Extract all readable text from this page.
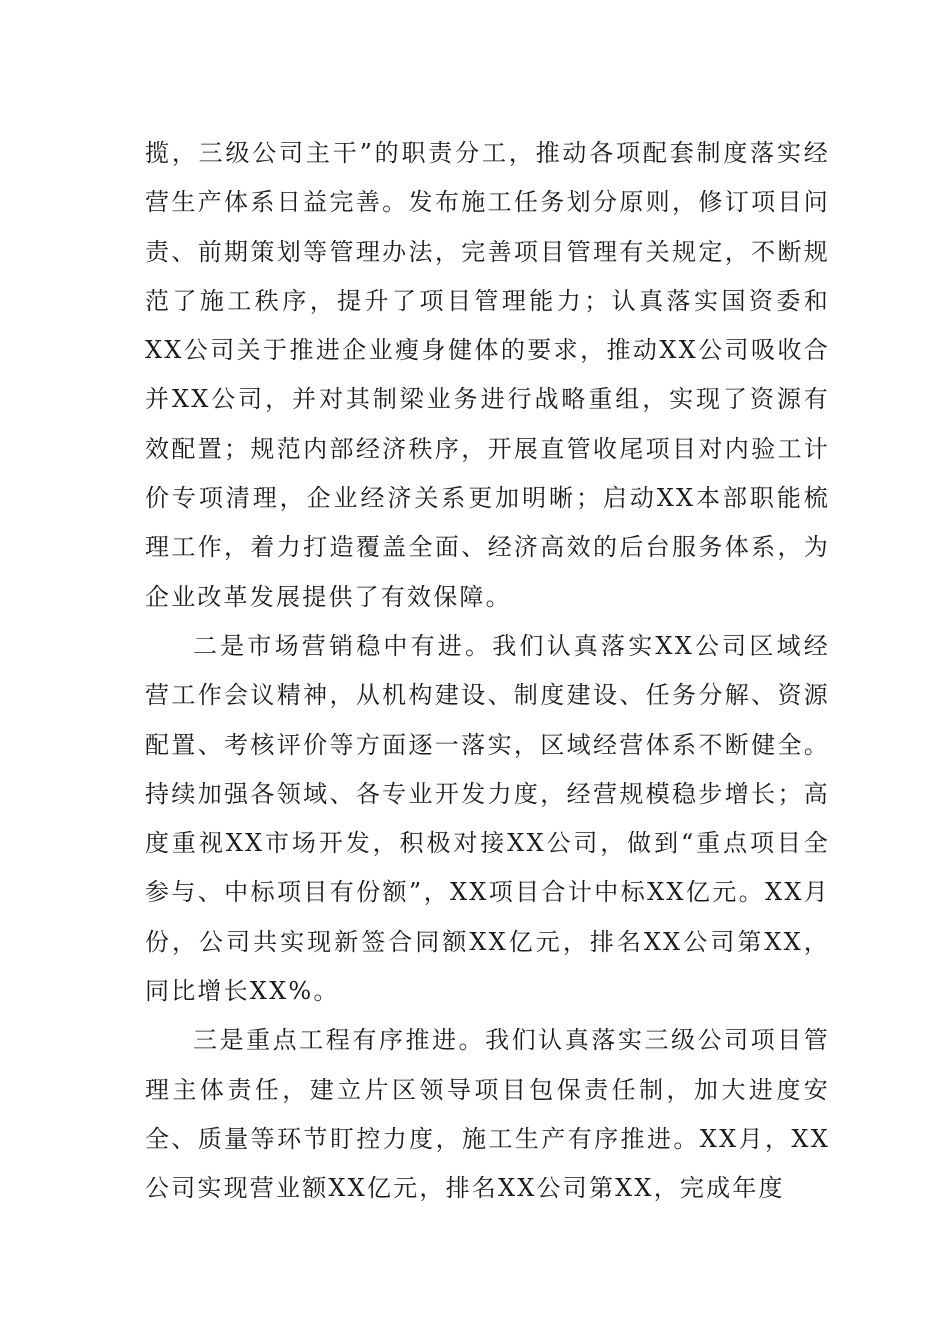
揽，三级公司主干”的职责分工，推动各项配套制度落实经营生产体系日益完善。发布施工任务划分原则，修订项目问责、前期策划等管理办法，完善项目管理有关规定，不断规范了施工秩序，提升了项目管理能力；认真落实国资委和XX公司关于推进企业瘦身健体的要求，推动XX公司吸收合并XX公司，并对其制梁业务进行战略重组，实现了资源有效配置；规范内部经济秩序，开展直管收尾项目对内验工计价专项清理，企业经济关系更加明晰；启动XX本部职能梳理工作，着力打造覆盖全面、经济高效的后台服务体系，为企业改革发展提供了有效保障。

二是市场营销稳中有进。我们认真落实XX公司区域经营工作会议精神，从机构建设、制度建设、任务分解、资源配置、考核评价等方面逐一落实，区域经营体系不断健全。持续加强各领域、各专业开发力度，经营规模稳步增长；高度重视XX市场开发，积极对接XX公司，做到“重点项目全参与、中标项目有份额”，XX项目合计中标XX亿元。XX月份，公司共实现新签合同额XX亿元，排名XX公司第XX，同比增长XX%。

三是重点工程有序推进。我们认真落实三级公司项目管理主体责任，建立片区领导项目包保责任制，加大进度安全、质量等环节盯控力度，施工生产有序推进。XX月，XX公司实现营业额XX亿元，排名XX公司第XX，完成年度
